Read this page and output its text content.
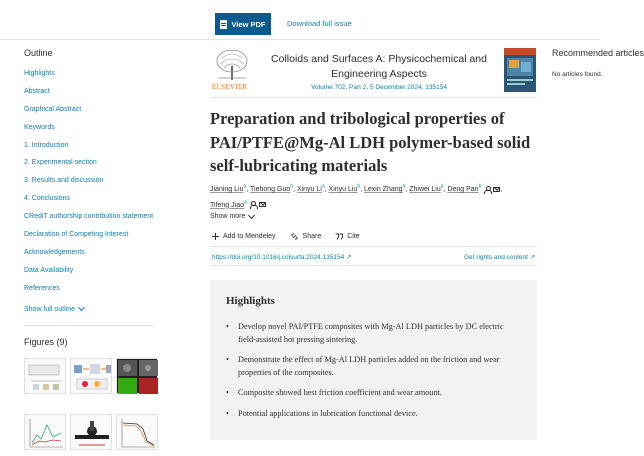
View PDF	Download full issue
Outline
Highlights
Abstract
Graphical Abstract
Keywords
1. Introduction
2. Experimental section
3. Results and discussion
4. Conclusions
CRediT authorship contribution statement
Declaration of Competing Interest
Acknowledgements
Data Availability
References
Show full outline
Figures (9)
ELSEVIER
Colloids and Surfaces A: Physicochemical and Engineering Aspects
Volume 702, Part 2, 5 December 2024, 135154
Preparation and tribological properties of PAI/PTFE@Mg-Al LDH polymer-based solid self-lubricating materials
Jianing Liu$^a$, Tiehong Guo$^b$, Xinyu Li$^a$, Xinyu Liu$^b$, Lexin Zhang$^a$, Zhiwei Liu$^a$, Deng Pan$^b$	,
Tifeng Jiao$^a$
Show more
Add to Mendeley	Share	Cite
https://doi.org/10.1016/j.colsurfa.2024.135154 ↗	Get rights and content ↗
Highlights
• Develop novel PAI/PTFE composites with Mg-Al LDH particles by DC electric field-assisted hot pressing sintering.
• Demonstrate the effect of Mg-Al LDH particles added on the friction and wear properties of the composites.
• Composite showed best friction coefficient and wear amount.
• Potential applications in lubrication functional device.
Recommended articles
No articles found.
